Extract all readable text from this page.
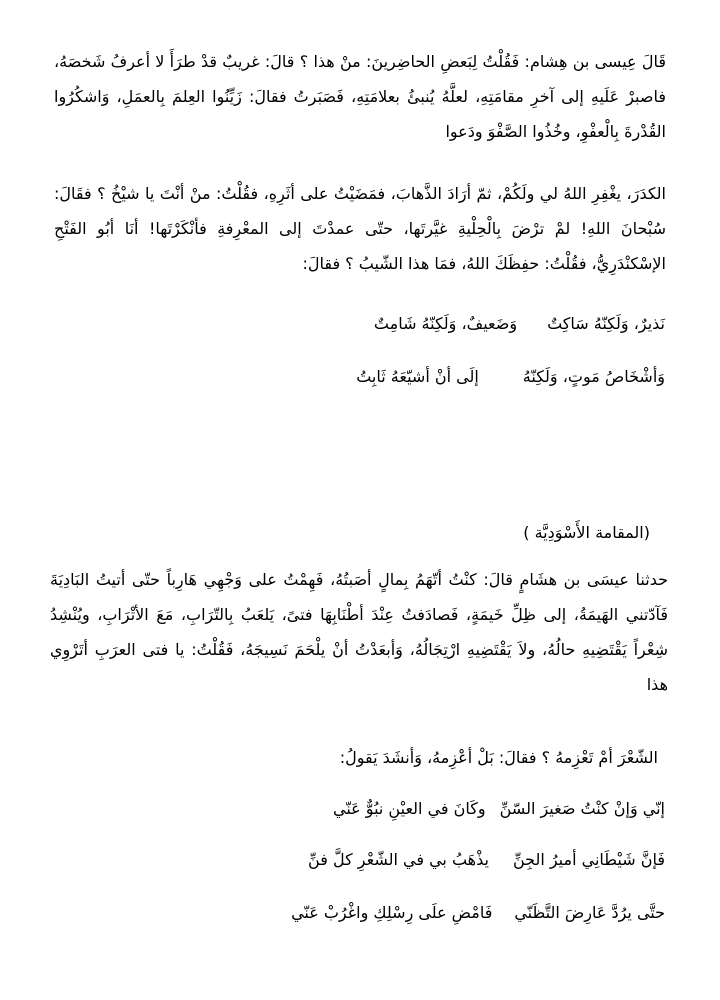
قَالَ عِيسى بن هِشام: فَقُلْتُ لِبَعضِ الحاضِرينَ: منْ هذا ؟ قالَ: غريبٌ قدْ طرَأَ لا أعرفُ شَخصَهُ، فاصبرْ عَلَيهِ إلى آخرِ مقامَتِهِ، لعلَّهُ يُنبئُ بعلامَتِهِ، فَصَبَرتُ فقالَ: زَيِّنُوا العِلمَ بِالعمَلِ، وَاشكُرُوا القُدْرةَ بِالْعفْوِ، وخُذُوا الصَّفْوَ ودَعوا

الكدَرَ، يغْفِرِ اللهُ لي ولَكُمْ، ثمّ أرَادَ الذَّهابَ، فمَضَيْتُ على أثَرِهِ، فقُلْتُ: منْ أنْتَ يا شيْخُ ؟ فقَالَ: سُبْحانَ اللهِ! لمْ ترْضَ بِالْحِلْيةِ غيَّرتَها، حتّى عمدْتَ إلى المعْرِفةِ فأنْكَرْتَها! أنَا أبُو الفَتْحِ الإسْكنْدَرِيُّ، فقُلْتُ: حفِظَكَ اللهُ، فمَا هذا الشّيبُ ؟ فقالَ:

نَذيرٌ، وَلَكِنّهُ سَاكِتٌوَضَعيفٌ، وَلَكِنّهُ شَامِتٌ
وَأشْخَاصُ مَوتٍ، وَلَكِنّهُإلَى أنْ أشيّعَهُ ثَابِتُ

(المقامة الأَسْوَدِيَّة )

حدثنا عيسَى بن هشَامٍ قالَ: كنْتُ أتّهَمُ بِمالٍ أصَبتُهُ، فَهِمْتُ على وَجْهِي هَارِباً حتّى أتيتُ البَادِيَةَ فَآدّتني الهَيمَةُ، إلى ظِلِّ خَيمَةٍ، فَصادَفتُ عِنْدَ أطْنَابِهَا فتىً، يَلعَبُ بِالتّرَابِ، مَعَ الأتْرَابِ، ويُنْشِدُ شِعْراً يَقْتَضِيهِ حالُهُ، ولاَ يَقْتَضِيهِ ارْتِجَالُهُ، وَأبعَدْتُ أنْ يلْحَمَ نَسِيجَهُ، فَقُلْتُ: يا فتى العرَبِ أتَرْوِي هذا

الشّعْرَ أمْ تَعْزِمهُ ؟ فقالَ: بَلْ أعْزِمهُ، وَأنشَدَ يَقولُ:

إنّي وَإنْ كنْتُ صَغيرَ السّنِّوكَانَ في العيْنِ نبُوٌّ عَنّي
فَإنَّ شَيْطَانِي أميرُ الجِنِّيذْهَبُ بي في الشّعْرِ كلَّ فنِّ
حتَّى يرُدَّ عَارِضَ التَّظَنّيفَامْضِ علَى رِسْلِكِ واغْرُبْ عَنّي
